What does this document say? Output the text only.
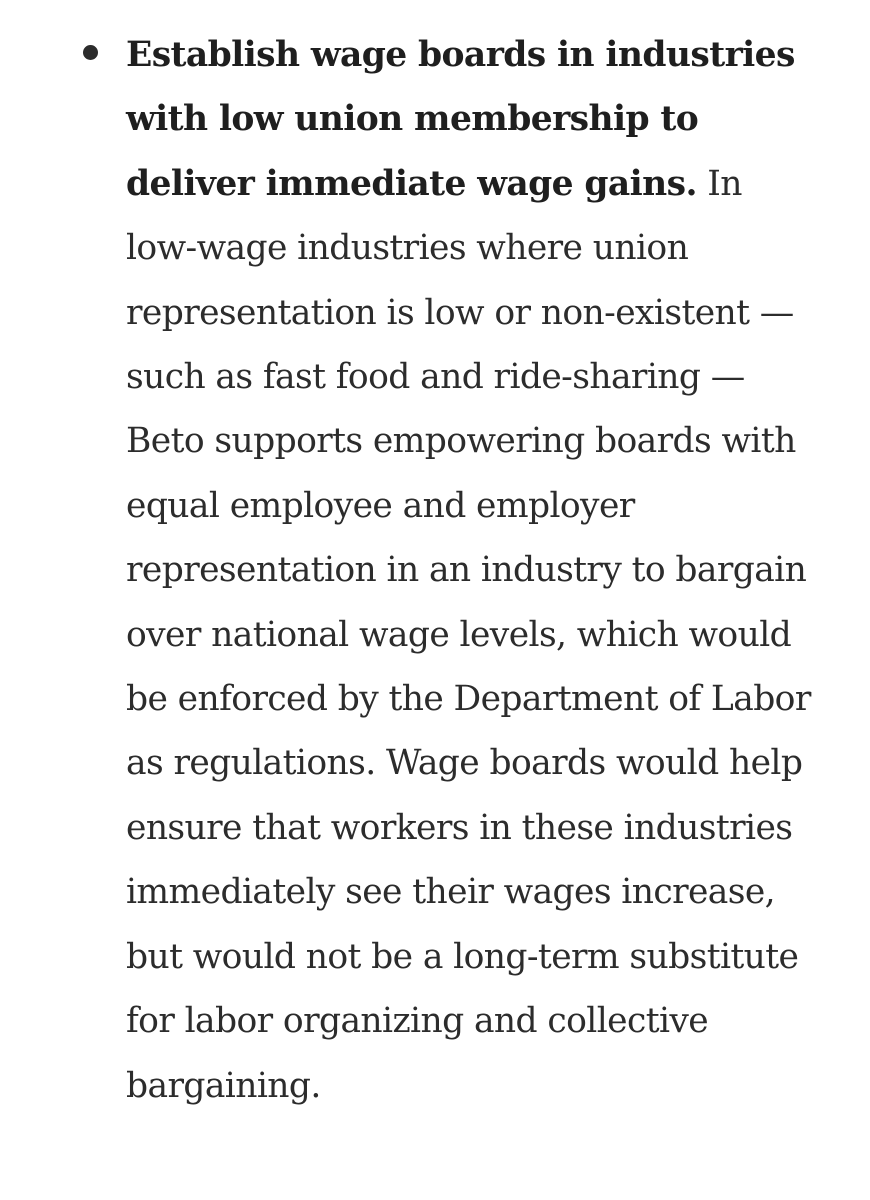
Establish wage boards in industries with low union membership to deliver immediate wage gains. In low-wage industries where union representation is low or non-existent — such as fast food and ride-sharing — Beto supports empowering boards with equal employee and employer representation in an industry to bargain over national wage levels, which would be enforced by the Department of Labor as regulations. Wage boards would help ensure that workers in these industries immediately see their wages increase, but would not be a long-term substitute for labor organizing and collective bargaining.
